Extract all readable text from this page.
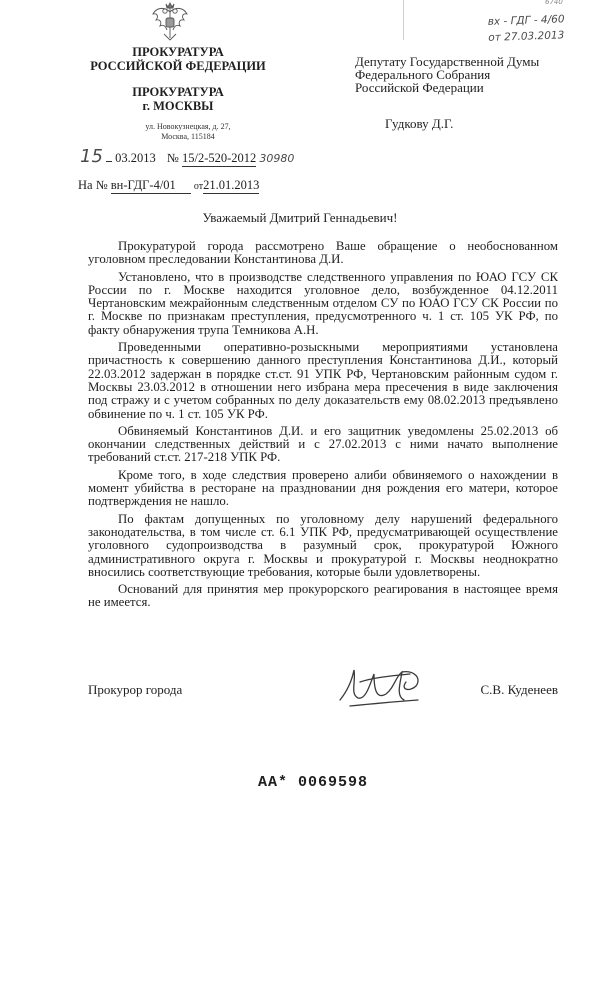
6740
вх - ГДГ - 4/60
от 27.03.2013
ПРОКУРАТУРА
РОССИЙСКОЙ ФЕДЕРАЦИИ
ПРОКУРАТУРА
г. МОСКВЫ
ул. Новокузнецкая, д. 27,
Москва, 115184
Депутату Государственной Думы
Федерального Собрания
Российской Федерации
Гудкову Д.Г.
15 03.2013 № 15/2-520-2012 30980
На № вн-ГДГ-4/01 от21.01.2013
Уважаемый Дмитрий Геннадьевич!

Прокуратурой города рассмотрено Ваше обращение о необоснованном уголовном преследовании Константинова Д.И.

Установлено, что в производстве следственного управления по ЮАО ГСУ СК России по г. Москве находится уголовное дело, возбужденное 04.12.2011 Чертановским межрайонным следственным отделом СУ по ЮАО ГСУ СК России по г. Москве по признакам преступления, предусмотренного ч. 1 ст. 105 УК РФ, по факту обнаружения трупа Темникова А.Н.

Проведенными оперативно-розыскными мероприятиями установлена причастность к совершению данного преступления Константинова Д.И., который 22.03.2012 задержан в порядке ст.ст. 91 УПК РФ, Чертановским районным судом г. Москвы 23.03.2012 в отношении него избрана мера пресечения в виде заключения под стражу и с учетом собранных по делу доказательств ему 08.02.2013 предъявлено обвинение по ч. 1 ст. 105 УК РФ.

Обвиняемый Константинов Д.И. и его защитник уведомлены 25.02.2013 об окончании следственных действий и с 27.02.2013 с ними начато выполнение требований ст.ст. 217-218 УПК РФ.

Кроме того, в ходе следствия проверено алиби обвиняемого о нахождении в момент убийства в ресторане на праздновании дня рождения его матери, которое подтверждения не нашло.

По фактам допущенных по уголовному делу нарушений федерального законодательства, в том числе ст. 6.1 УПК РФ, предусматривающей осуществление уголовного судопроизводства в разумный срок, прокуратурой Южного административного округа г. Москвы и прокуратурой г. Москвы неоднократно вносились соответствующие требования, которые были удовлетворены.

Оснований для принятия мер прокурорского реагирования в настоящее время не имеется.

Прокурор города	С.В. Куденеев
АА* 0069598
